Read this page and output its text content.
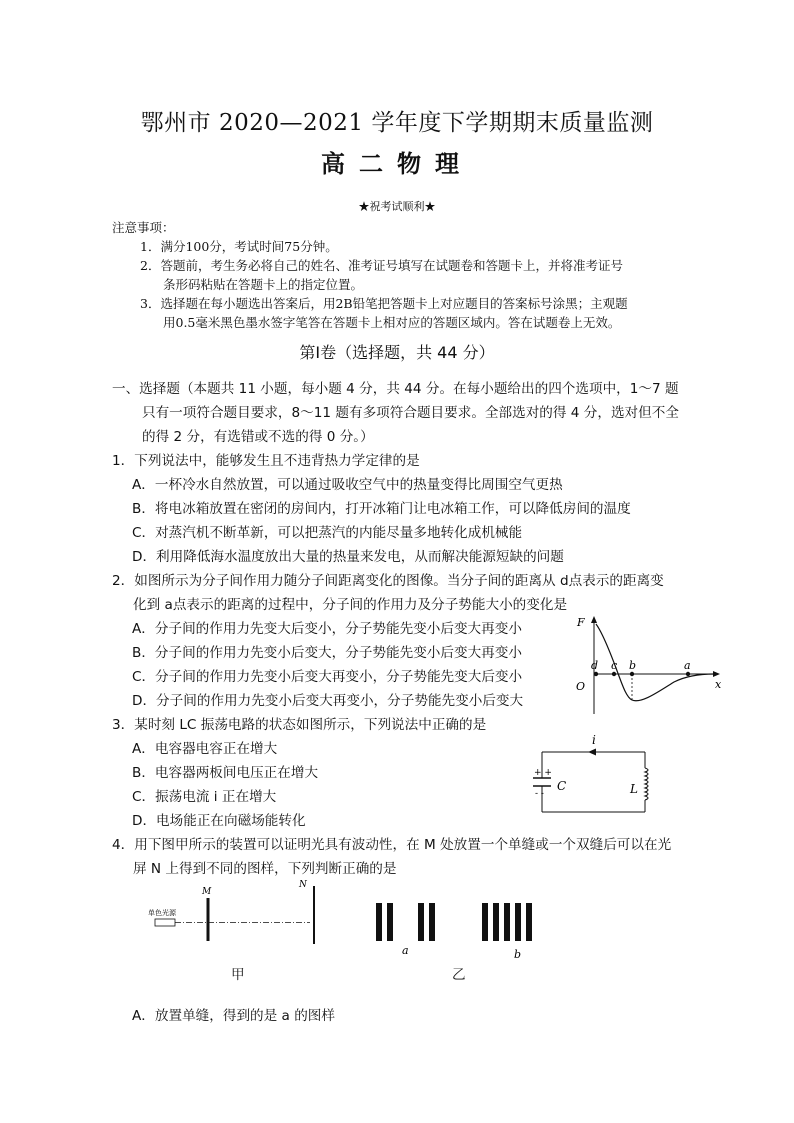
鄂州市 2020—2021 学年度下学期期末质量监测
高二物理
★祝考试顺利★
注意事项：
1．满分100分，考试时间75分钟。
2．答题前，考生务必将自己的姓名、准考证号填写在试题卷和答题卡上，并将准考证号
条形码粘贴在答题卡上的指定位置。
3．选择题在每小题选出答案后，用2B铅笔把答题卡上对应题目的答案标号涂黑；主观题
用0.5毫米黑色墨水签字笔答在答题卡上相对应的答题区域内。答在试题卷上无效。
第Ⅰ卷（选择题，共 44 分）
一、选择题（本题共 11 小题，每小题 4 分，共 44 分。在每小题给出的四个选项中，1～7 题
只有一项符合题目要求，8～11 题有多项符合题目要求。全部选对的得 4 分，选对但不全
的得 2 分，有选错或不选的得 0 分。）
1．下列说法中，能够发生且不违背热力学定律的是
A．一杯冷水自然放置，可以通过吸收空气中的热量变得比周围空气更热
B．将电冰箱放置在密闭的房间内，打开冰箱门让电冰箱工作，可以降低房间的温度
C．对蒸汽机不断革新，可以把蒸汽的内能尽量多地转化成机械能
D．利用降低海水温度放出大量的热量来发电，从而解决能源短缺的问题
2．如图所示为分子间作用力随分子间距离变化的图像。当分子间的距离从 d点表示的距离变
化到 a点表示的距离的过程中，分子间的作用力及分子势能大小的变化是
A．分子间的作用力先变大后变小，分子势能先变小后变大再变小
B．分子间的作用力先变小后变大，分子势能先变小后变大再变小
C．分子间的作用力先变小后变大再变小，分子势能先变大后变小
D．分子间的作用力先变小后变大再变小，分子势能先变小后变大
F
x
O
d c b	a
3．某时刻 LC 振荡电路的状态如图所示，下列说法中正确的是
A．电容器电容正在增大
B．电容器两板间电压正在增大
C．振荡电流 i 正在增大
D．电场能正在向磁场能转化
+ +
- -
i
C	L
4．用下图甲所示的装置可以证明光具有波动性，在 M 处放置一个单缝或一个双缝后可以在光
屏 N 上得到不同的图样，下列判断正确的是
单色光源
M
N
甲
a	b
乙
A．放置单缝，得到的是 a 的图样
